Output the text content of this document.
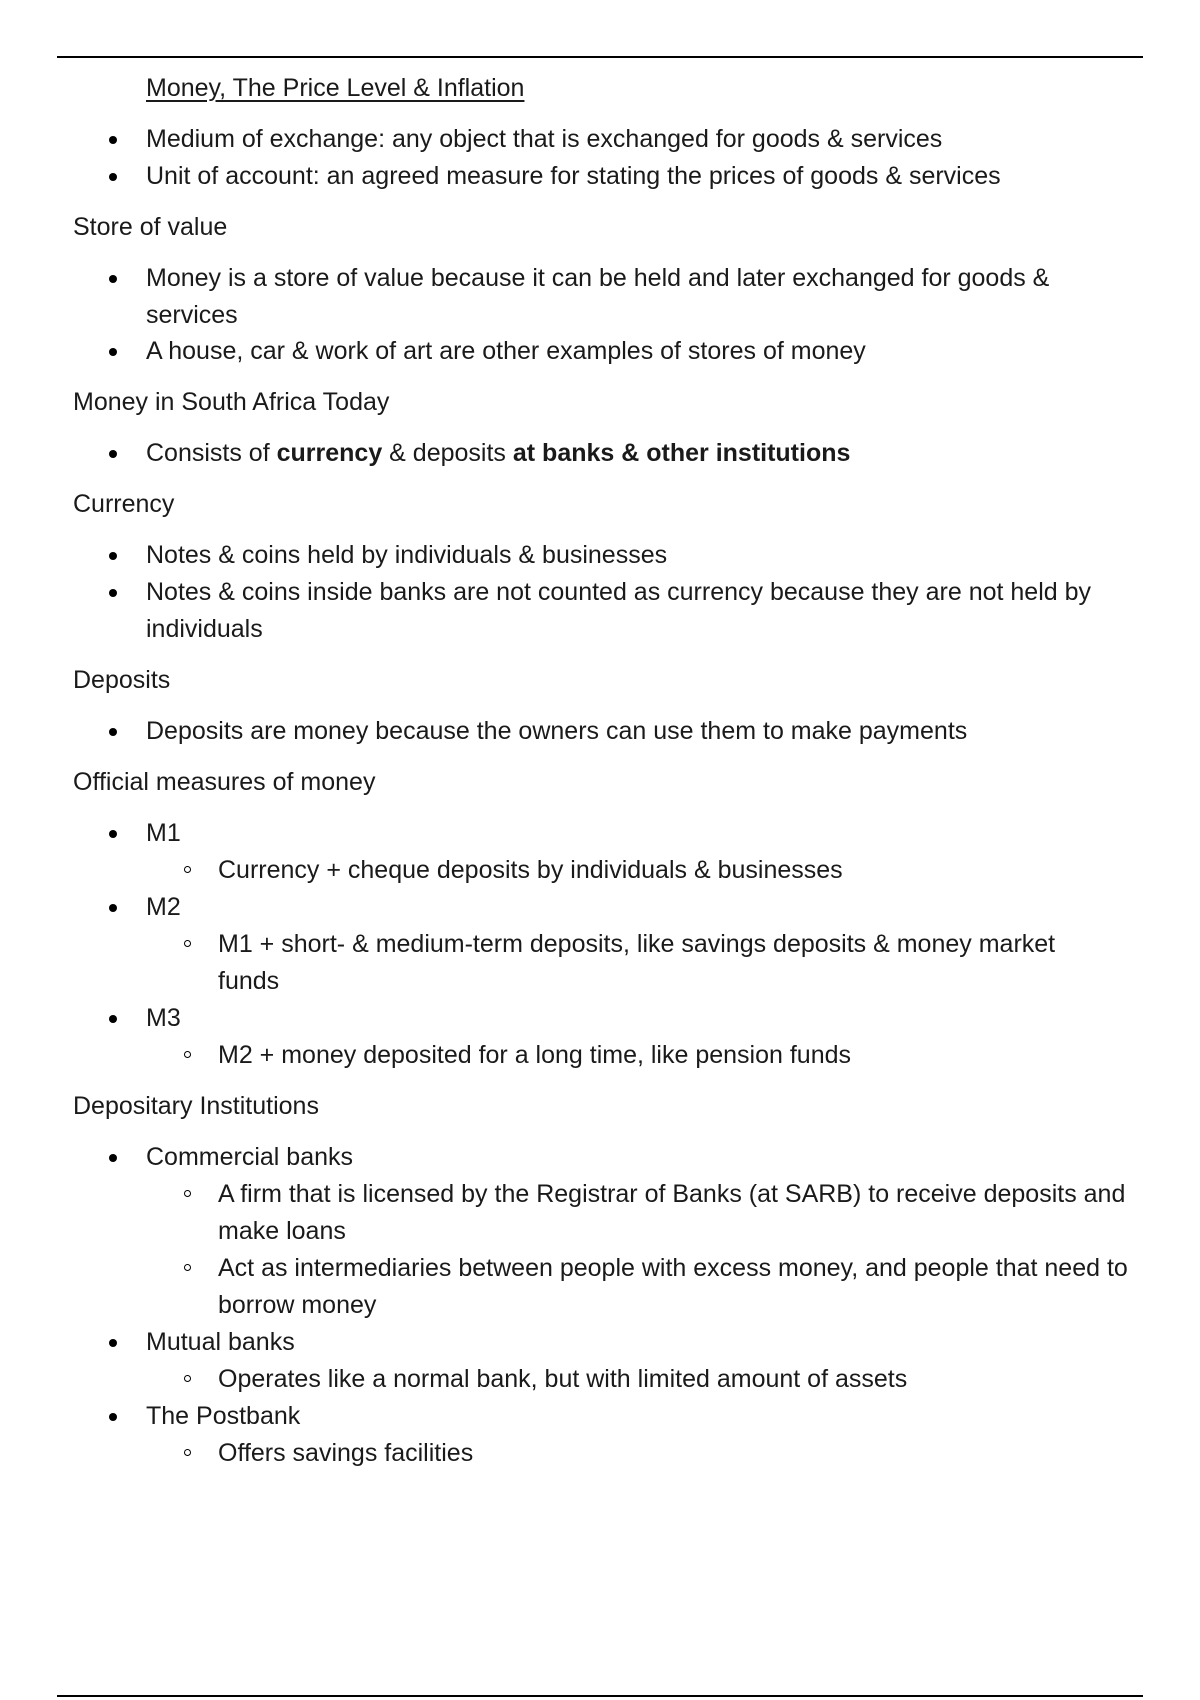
Money, The Price Level & Inflation
Medium of exchange: any object that is exchanged for goods & services
Unit of account: an agreed measure for stating the prices of goods & services
Store of value
Money is a store of value because it can be held and later exchanged for goods & services
A house, car & work of art are other examples of stores of money
Money in South Africa Today
Consists of currency & deposits at banks & other institutions
Currency
Notes & coins held by individuals & businesses
Notes & coins inside banks are not counted as currency because they are not held by individuals
Deposits
Deposits are money because the owners can use them to make payments
Official measures of money
M1
Currency + cheque deposits by individuals & businesses
M2
M1 + short- & medium-term deposits, like savings deposits & money market funds
M3
M2 + money deposited for a long time, like pension funds
Depositary Institutions
Commercial banks
A firm that is licensed by the Registrar of Banks (at SARB) to receive deposits and make loans
Act as intermediaries between people with excess money, and people that need to borrow money
Mutual banks
Operates like a normal bank, but with limited amount of assets
The Postbank
Offers savings facilities
